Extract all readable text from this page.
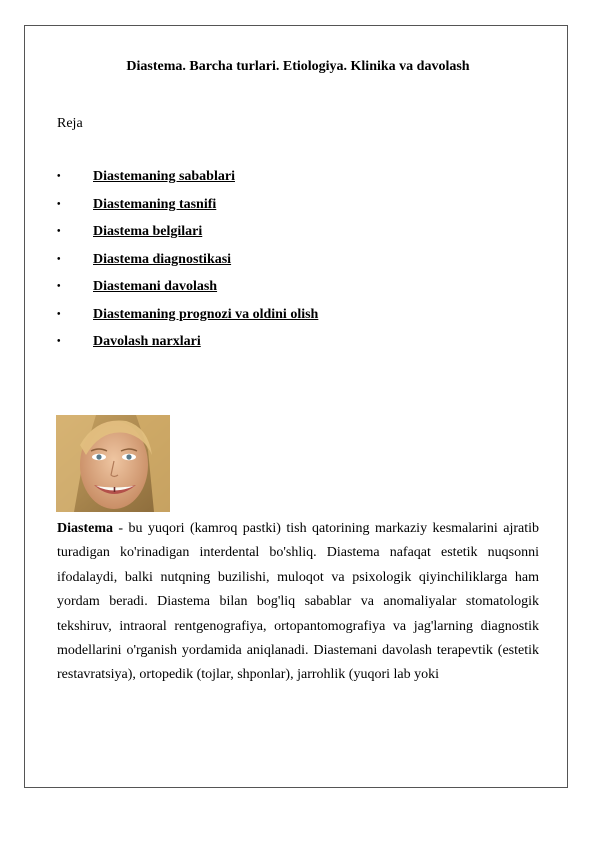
Diastema. Barcha turlari. Etiologiya. Klinika va davolash
Reja
• Diastemaning sabablari
• Diastemaning tasnifi
• Diastema belgilari
• Diastema diagnostikasi
• Diastemani davolash
• Diastemaning prognozi va oldini olish
• Davolash narxlari

Diastema - bu yuqori (kamroq pastki) tish qatorining markaziy kesmalarini ajratib turadigan ko'rinadigan interdental bo'shliq. Diastema nafaqat estetik nuqsonni ifodalaydi, balki nutqning buzilishi, muloqot va psixologik qiyinchiliklarga ham yordam beradi. Diastema bilan bog'liq sabablar va anomaliyalar stomatologik tekshiruv, intraoral rentgenografiya, ortopantomografiya va jag'larning diagnostik modellarini o'rganish yordamida aniqlanadi. Diastemani davolash terapevtik (estetik restavratsiya), ortopedik (tojlar, shponlar), jarrohlik (yuqori lab yoki
